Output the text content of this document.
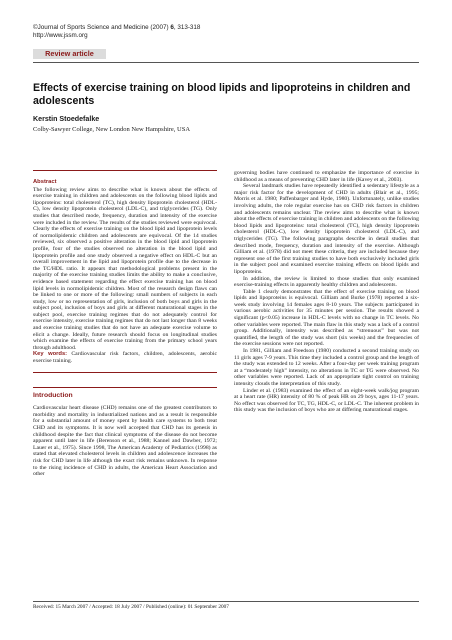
©Journal of Sports Science and Medicine (2007) 6, 313-318
http://www.jssm.org
Review article
Effects of exercise training on blood lipids and lipoproteins in children and adolescents
Kerstin Stoedefalke
Colby-Sawyer College, New London New Hampshire, USA
Abstract

The following review aims to describe what is known about the effects of exercise training in children and adolescents on the following blood lipids and lipoproteins: total cholesterol (TC), high density lipoprotein cholesterol (HDL-C), low density lipoprotein cholesterol (LDL-C), and triglycerides (TG). Only studies that described mode, frequency, duration and intensity of the exercise were included in the review. The results of the studies reviewed were equivocal. Clearly the effects of exercise training on the blood lipid and lipoprotein levels of normolipidemic children and adolescents are equivocal. Of the 14 studies reviewed, six observed a positive alteration in the blood lipid and lipoprotein profile, four of the studies observed no alteration in the blood lipid and lipoprotein profile and one study observed a negative effect on HDL-C but an overall improvement in the lipid and lipoprotein profile due to the decrease in the TC/HDL ratio. It appears that methodological problems present in the majority of the exercise training studies limits the ability to make a conclusive, evidence based statement regarding the effect exercise training has on blood lipid levels in normolipidemic children. Most of the research design flaws can be linked to one or more of the following: small numbers of subjects in each study, low or no representation of girls, inclusion of both boys and girls in the subject pool, inclusion of boys and girls at different maturational stages in the subject pool, exercise training regimes that do not adequately control for exercise intensity, exercise training regimes that do not last longer than 8 weeks and exercise training studies that do not have an adequate exercise volume to elicit a change. Ideally, future research should focus on longitudinal studies which examine the effects of exercise training from the primary school years through adulthood.

Key words: Cardiovascular risk factors, children, adolescents, aerobic exercise training.

Introduction

Cardiovascular heart disease (CHD) remains one of the greatest contributors to morbidity and mortality in industrialized nations and as a result is responsible for a substantial amount of money spent by health care systems to both treat CHD and its symptoms. It is now well accepted that CHD has its genesis in childhood despite the fact that clinical symptoms of the disease do not become apparent until later in life (Berenson et al., 1988; Kannel and Dawber, 1972; Lauer et al., 1975). Since 1998, The American Academy of Pediatrics (1998) as stated that elevated cholesterol levels in children and adolescence increases the risk for CHD later in life although the exact risk remains unknown. In response to the rising incidence of CHD in adults, the American Heart Association and other

governing bodies have continued to emphasize the importance of exercise in childhood as a means of preventing CHD later in life (Kavey et al., 2003).

Several landmark studies have repeatedly identified a sedentary lifestyle as a major risk factor for the development of CHD in adults (Blair et al., 1995; Morris et al. 1980; Paffenbarger and Hyde, 1980). Unfortunately, unlike studies involving adults, the role regular exercise has on CHD risk factors in children and adolescents remains unclear. The review aims to describe what is known about the effects of exercise training in children and adolescents on the following blood lipids and lipoproteins: total cholesterol (TC), high density lipoprotein cholesterol (HDL-C), low density lipoprotein cholesterol (LDL-C), and triglycerides (TG). The following paragraphs describe in detail studies that described mode, frequency, duration and intensity of the exercise. Although Gilliam et al. (1978) did not meet these criteria, they are included because they represent one of the first training studies to have both exclusively included girls in the subject pool and examined exercise training effects on blood lipids and lipoproteins.

In addition, the review is limited to those studies that only examined exercise-training effects in apparently healthy children and adolescents.

Table 1 clearly demonstrates that the effect of exercise training on blood lipids and lipoproteins is equivocal. Gilliam and Burke (1978) reported a six-week study involving 14 females ages 8-10 years. The subjects participated in various aerobic activities for 35 minutes per session. The results showed a significant (p<0.05) increase in HDL-C levels with no change in TC levels. No other variables were reported. The main flaw in this study was a lack of a control group. Additionally, intensity was described as “strenuous” but was not quantified, the length of the study was short (six weeks) and the frequencies of the exercise sessions were not reported.

In 1981, Gilliam and Freedson (1980) conducted a second training study on 11 girls ages 7-9 years. This time they included a control group and the length of the study was extended to 12 weeks. After a four-day per week training program at a “moderately high” intensity, no alterations in TC or TG were observed. No other variables were reported. Lack of an appropriate tight control on training intensity clouds the interpretation of this study.

Linder et al. (1983) examined the effect of an eight-week walk/jog program at a heart rate (HR) intensity of 80 % of peak HR on 29 boys, ages 11-17 years. No effect was observed for TC, TG, HDL-C, or LDL-C. The inherent problem in this study was the inclusion of boys who are at differing maturational stages.

Received: 15 March 2007 / Accepted: 18 July 2007 / Published (online): 01 September 2007
